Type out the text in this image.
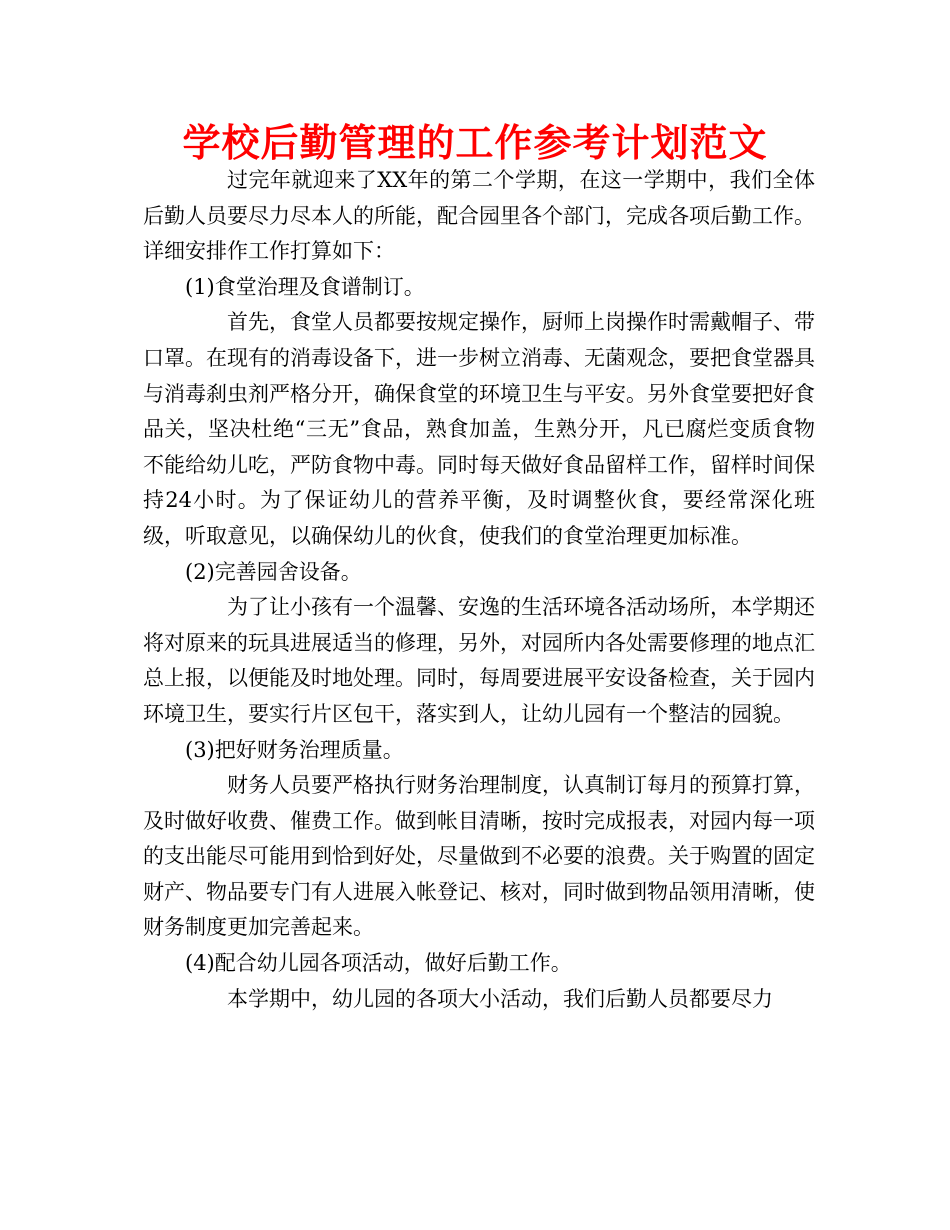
学校后勤管理的工作参考计划范文

过完年就迎来了XX年的第二个学期，在这一学期中，我们全体后勤人员要尽力尽本人的所能，配合园里各个部门，完成各项后勤工作。详细安排作工作打算如下：

(1)食堂治理及食谱制订。

首先，食堂人员都要按规定操作，厨师上岗操作时需戴帽子、带口罩。在现有的消毒设备下，进一步树立消毒、无菌观念，要把食堂器具与消毒刹虫剂严格分开，确保食堂的环境卫生与平安。另外食堂要把好食品关，坚决杜绝“三无”食品，熟食加盖，生熟分开，凡已腐烂变质食物不能给幼儿吃，严防食物中毒。同时每天做好食品留样工作，留样时间保持24小时。为了保证幼儿的营养平衡，及时调整伙食，要经常深化班级，听取意见，以确保幼儿的伙食，使我们的食堂治理更加标准。

(2)完善园舍设备。

为了让小孩有一个温馨、安逸的生活环境各活动场所，本学期还将对原来的玩具进展适当的修理，另外，对园所内各处需要修理的地点汇总上报，以便能及时地处理。同时，每周要进展平安设备检查，关于园内环境卫生，要实行片区包干，落实到人，让幼儿园有一个整洁的园貌。

(3)把好财务治理质量。

财务人员要严格执行财务治理制度，认真制订每月的预算打算，及时做好收费、催费工作。做到帐目清晰，按时完成报表，对园内每一项的支出能尽可能用到恰到好处，尽量做到不必要的浪费。关于购置的固定财产、物品要专门有人进展入帐登记、核对，同时做到物品领用清晰，使财务制度更加完善起来。

(4)配合幼儿园各项活动，做好后勤工作。

本学期中，幼儿园的各项大小活动，我们后勤人员都要尽力
